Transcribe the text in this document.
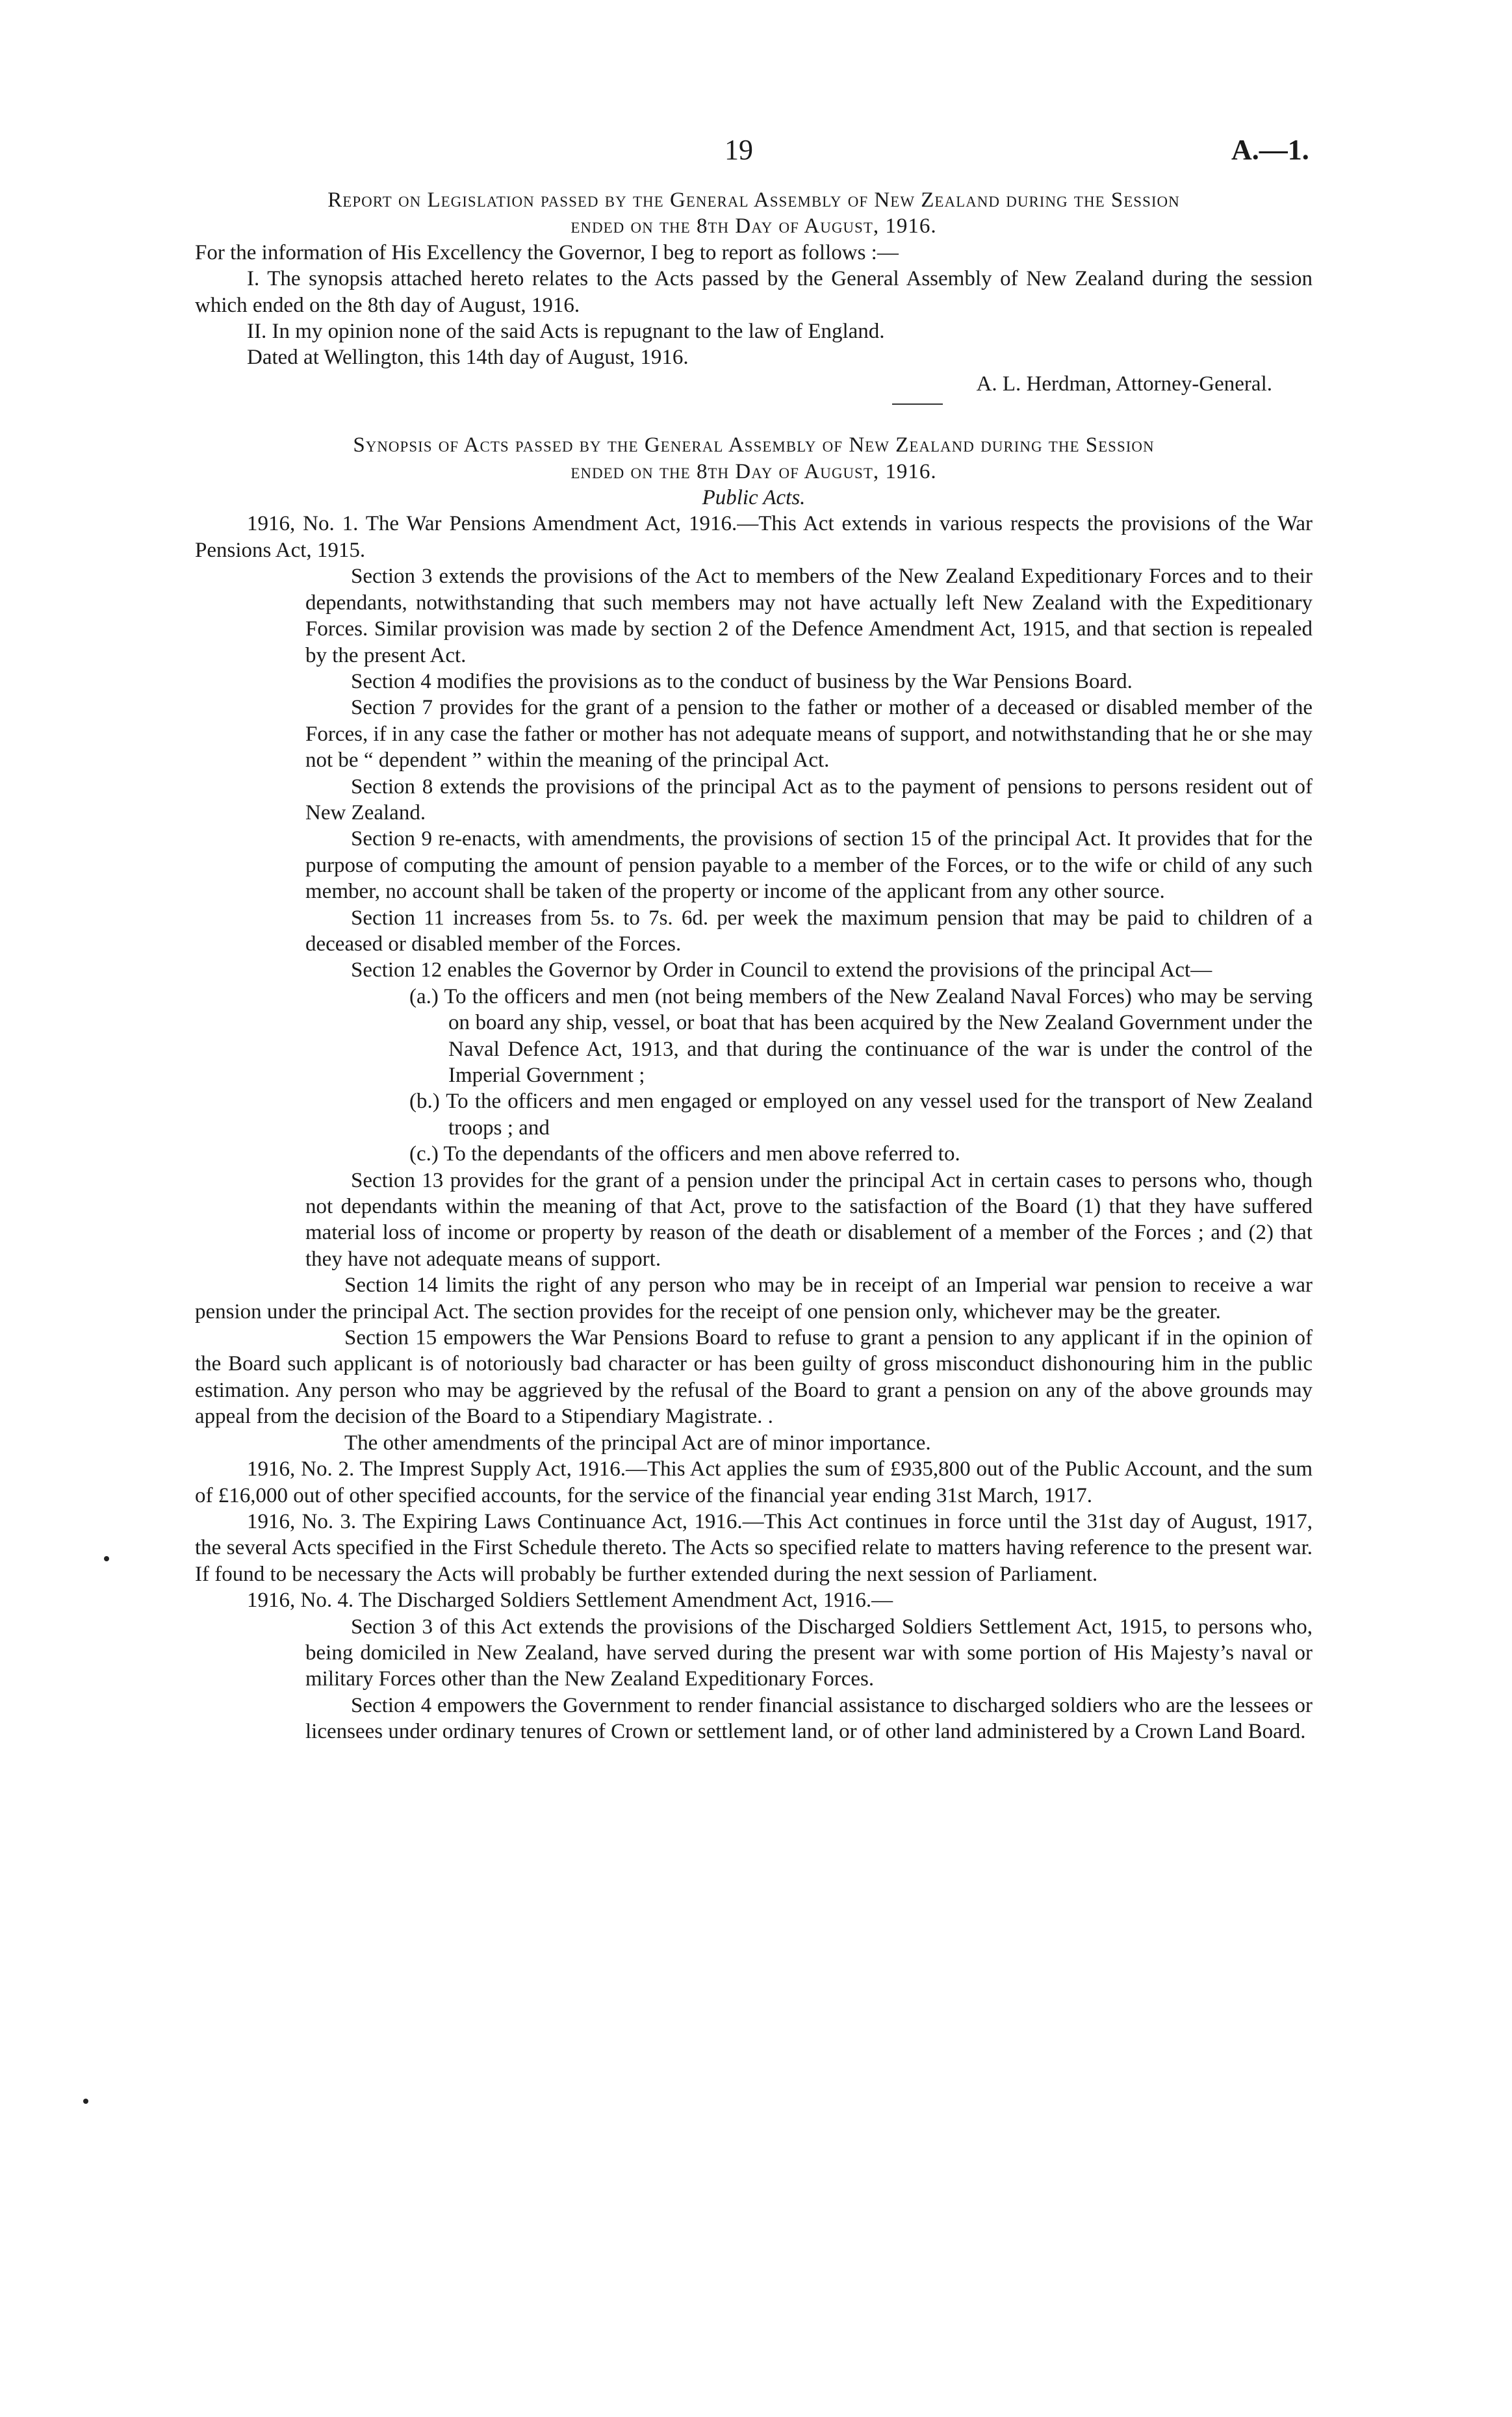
19	A.—1.

Report on Legislation passed by the General Assembly of New Zealand during the Session

ended on the 8th Day of August, 1916.

For the information of His Excellency the Governor, I beg to report as follows :—

I. The synopsis attached hereto relates to the Acts passed by the General Assembly of New Zealand during the session which ended on the 8th day of August, 1916.

II. In my opinion none of the said Acts is repugnant to the law of England.

Dated at Wellington, this 14th day of August, 1916.

A. L. Herdman, Attorney-General.

Synopsis of Acts passed by the General Assembly of New Zealand during the Session

ended on the 8th Day of August, 1916.

Public Acts.

1916, No. 1. The War Pensions Amendment Act, 1916.—This Act extends in various respects the provisions of the War Pensions Act, 1915.

Section 3 extends the provisions of the Act to members of the New Zealand Expeditionary Forces and to their dependants, notwithstanding that such members may not have actually left New Zealand with the Expeditionary Forces. Similar provision was made by section 2 of the Defence Amendment Act, 1915, and that section is repealed by the present Act.

Section 4 modifies the provisions as to the conduct of business by the War Pensions Board.

Section 7 provides for the grant of a pension to the father or mother of a deceased or disabled member of the Forces, if in any case the father or mother has not adequate means of support, and notwithstanding that he or she may not be “ dependent ” within the meaning of the principal Act.

Section 8 extends the provisions of the principal Act as to the payment of pensions to persons resident out of New Zealand.

Section 9 re-enacts, with amendments, the provisions of section 15 of the principal Act. It provides that for the purpose of computing the amount of pension payable to a member of the Forces, or to the wife or child of any such member, no account shall be taken of the property or income of the applicant from any other source.

Section 11 increases from 5s. to 7s. 6d. per week the maximum pension that may be paid to children of a deceased or disabled member of the Forces.

Section 12 enables the Governor by Order in Council to extend the provisions of the principal Act—

(a.) To the officers and men (not being members of the New Zealand Naval Forces) who may be serving on board any ship, vessel, or boat that has been acquired by the New Zealand Government under the Naval Defence Act, 1913, and that during the continuance of the war is under the control of the Imperial Government ;

(b.) To the officers and men engaged or employed on any vessel used for the transport of New Zealand troops ; and

(c.) To the dependants of the officers and men above referred to.

Section 13 provides for the grant of a pension under the principal Act in certain cases to persons who, though not dependants within the meaning of that Act, prove to the satisfaction of the Board (1) that they have suffered material loss of income or property by reason of the death or disablement of a member of the Forces ; and (2) that they have not adequate means of support.

Section 14 limits the right of any person who may be in receipt of an Imperial war pension to receive a war pension under the principal Act. The section provides for the receipt of one pension only, whichever may be the greater.

Section 15 empowers the War Pensions Board to refuse to grant a pension to any applicant if in the opinion of the Board such applicant is of notoriously bad character or has been guilty of gross misconduct dishonouring him in the public estimation. Any person who may be aggrieved by the refusal of the Board to grant a pension on any of the above grounds may appeal from the decision of the Board to a Stipendiary Magistrate. .

The other amendments of the principal Act are of minor importance.

1916, No. 2. The Imprest Supply Act, 1916.—This Act applies the sum of £935,800 out of the Public Account, and the sum of £16,000 out of other specified accounts, for the service of the financial year ending 31st March, 1917.

1916, No. 3. The Expiring Laws Continuance Act, 1916.—This Act continues in force until the 31st day of August, 1917, the several Acts specified in the First Schedule thereto. The Acts so specified relate to matters having reference to the present war. If found to be necessary the Acts will probably be further extended during the next session of Parliament.

1916, No. 4. The Discharged Soldiers Settlement Amendment Act, 1916.—

Section 3 of this Act extends the provisions of the Discharged Soldiers Settlement Act, 1915, to persons who, being domiciled in New Zealand, have served during the present war with some portion of His Majesty’s naval or military Forces other than the New Zealand Expeditionary Forces.

Section 4 empowers the Government to render financial assistance to discharged soldiers who are the lessees or licensees under ordinary tenures of Crown or settlement land, or of other land administered by a Crown Land Board.
